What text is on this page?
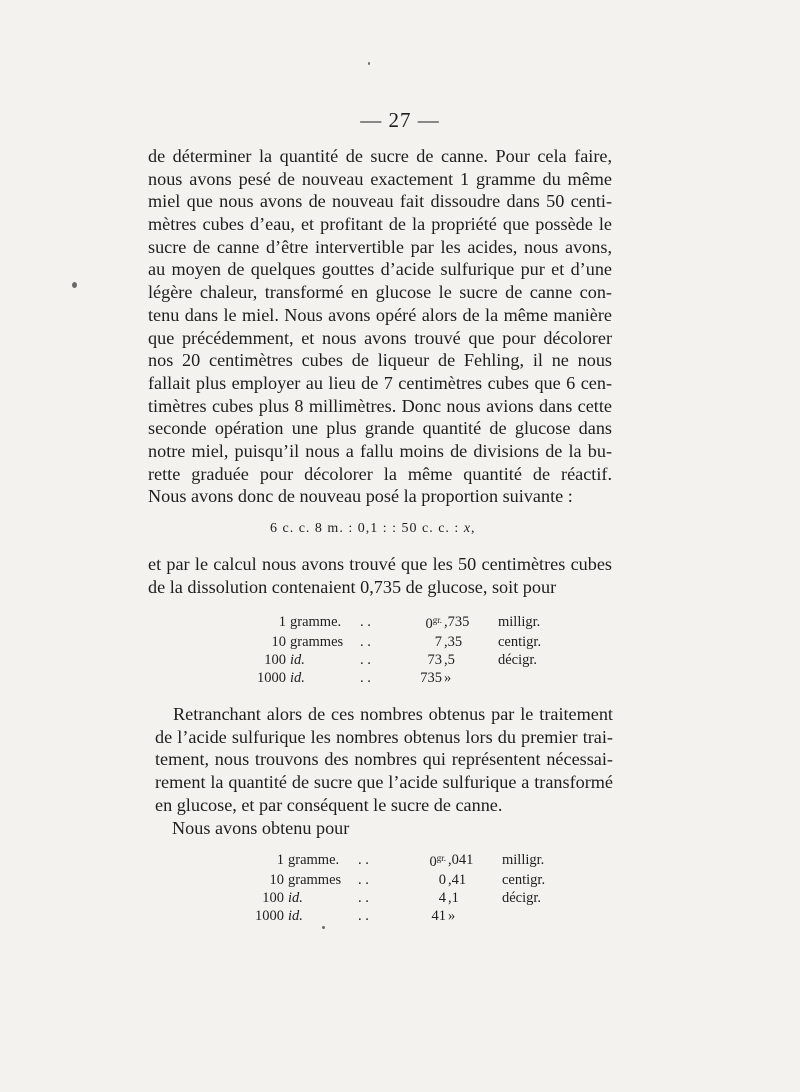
— 27 —
de déterminer la quantité de sucre de canne. Pour cela faire,
nous avons pesé de nouveau exactement 1 gramme du même
miel que nous avons de nouveau fait dissoudre dans 50 centi-
mètres cubes d’eau, et profitant de la propriété que possède le
sucre de canne d’être intervertible par les acides, nous avons,
au moyen de quelques gouttes d’acide sulfurique pur et d’une
légère chaleur, transformé en glucose le sucre de canne con-
tenu dans le miel. Nous avons opéré alors de la même manière
que précédemment, et nous avons trouvé que pour décolorer
nos 20 centimètres cubes de liqueur de Fehling, il ne nous
fallait plus employer au lieu de 7 centimètres cubes que 6 cen-
timètres cubes plus 8 millimètres. Donc nous avions dans cette
seconde opération une plus grande quantité de glucose dans
notre miel, puisqu’il nous a fallu moins de divisions de la bu-
rette graduée pour décolorer la même quantité de réactif.
Nous avons donc de nouveau posé la proportion suivante :
6 c. c. 8 m. : 0,1 : : 50 c. c. : x,
et par le calcul nous avons trouvé que les 50 centimètres cubes
de la dissolution contenaient 0,735 de glucose, soit pour
1	gramme.	. .	$0^{gr.}$	,735	milligr.
10	grammes	. .	7	,35	centigr.
100	id.	. .	73	,5	décigr.
1000	id.	. .	735	»	
Retranchant alors de ces nombres obtenus par le traitement
de l’acide sulfurique les nombres obtenus lors du premier trai-
tement, nous trouvons des nombres qui représentent nécessai-
rement la quantité de sucre que l’acide sulfurique a transformé
en glucose, et par conséquent le sucre de canne.
Nous avons obtenu pour
1	gramme.	. .	$0^{gr.}$	,041	milligr.
10	grammes	. .	0	,41	centigr.
100	id.	. .	4	,1	décigr.
1000	id.	. .	41	»	
